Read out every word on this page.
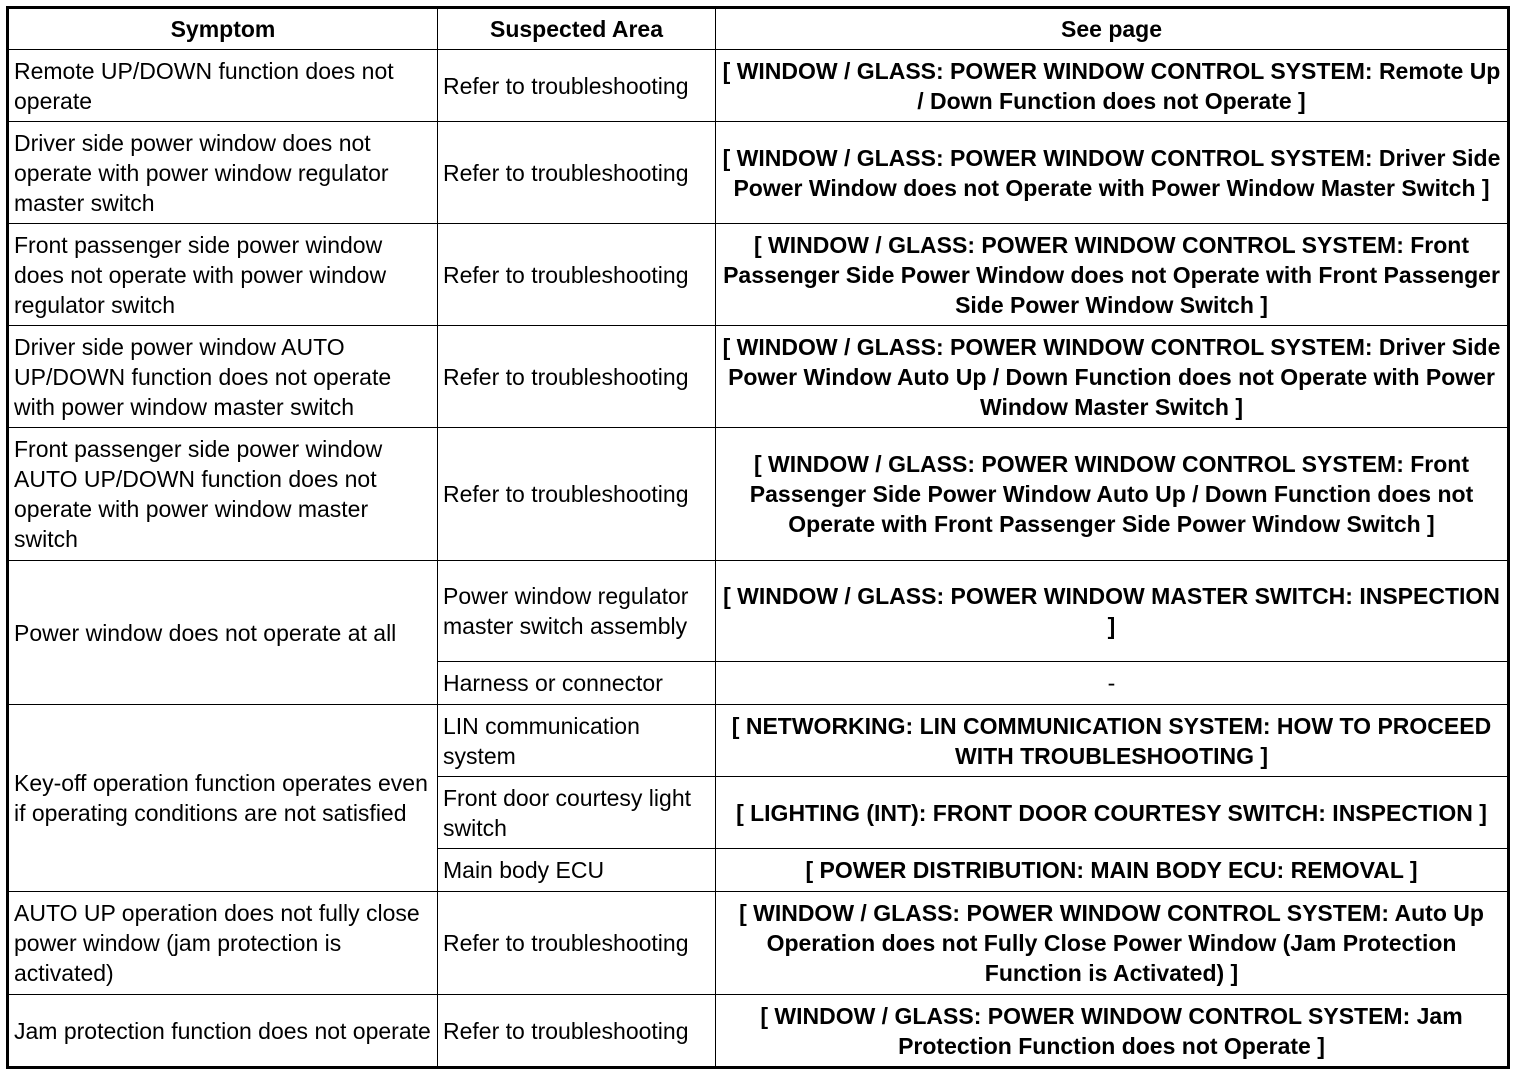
Symptom	Suspected Area	See page
Remote UP/DOWN function does not operate	Refer to troubleshooting	[ WINDOW / GLASS: POWER WINDOW CONTROL SYSTEM: Remote Up / Down Function does not Operate ]
Driver side power window does not operate with power window regulator master switch	Refer to troubleshooting	[ WINDOW / GLASS: POWER WINDOW CONTROL SYSTEM: Driver Side Power Window does not Operate with Power Window Master Switch ]
Front passenger side power window does not operate with power window regulator switch	Refer to troubleshooting	[ WINDOW / GLASS: POWER WINDOW CONTROL SYSTEM: Front Passenger Side Power Window does not Operate with Front Passenger Side Power Window Switch ]
Driver side power window AUTO UP/DOWN function does not operate with power window master switch	Refer to troubleshooting	[ WINDOW / GLASS: POWER WINDOW CONTROL SYSTEM: Driver Side Power Window Auto Up / Down Function does not Operate with Power Window Master Switch ]
Front passenger side power window AUTO UP/DOWN function does not operate with power window master switch	Refer to troubleshooting	[ WINDOW / GLASS: POWER WINDOW CONTROL SYSTEM: Front Passenger Side Power Window Auto Up / Down Function does not Operate with Front Passenger Side Power Window Switch ]
Power window does not operate at all	Power window regulator master switch assembly	[ WINDOW / GLASS: POWER WINDOW MASTER SWITCH: INSPECTION ]
	Harness or connector	-
Key-off operation function operates even if operating conditions are not satisfied	LIN communication system	[ NETWORKING: LIN COMMUNICATION SYSTEM: HOW TO PROCEED WITH TROUBLESHOOTING ]
	Front door courtesy light switch	[ LIGHTING (INT): FRONT DOOR COURTESY SWITCH: INSPECTION ]
	Main body ECU	[ POWER DISTRIBUTION: MAIN BODY ECU: REMOVAL ]
AUTO UP operation does not fully close power window (jam protection is activated)	Refer to troubleshooting	[ WINDOW / GLASS: POWER WINDOW CONTROL SYSTEM: Auto Up Operation does not Fully Close Power Window (Jam Protection Function is Activated) ]
Jam protection function does not operate	Refer to troubleshooting	[ WINDOW / GLASS: POWER WINDOW CONTROL SYSTEM: Jam Protection Function does not Operate ]
